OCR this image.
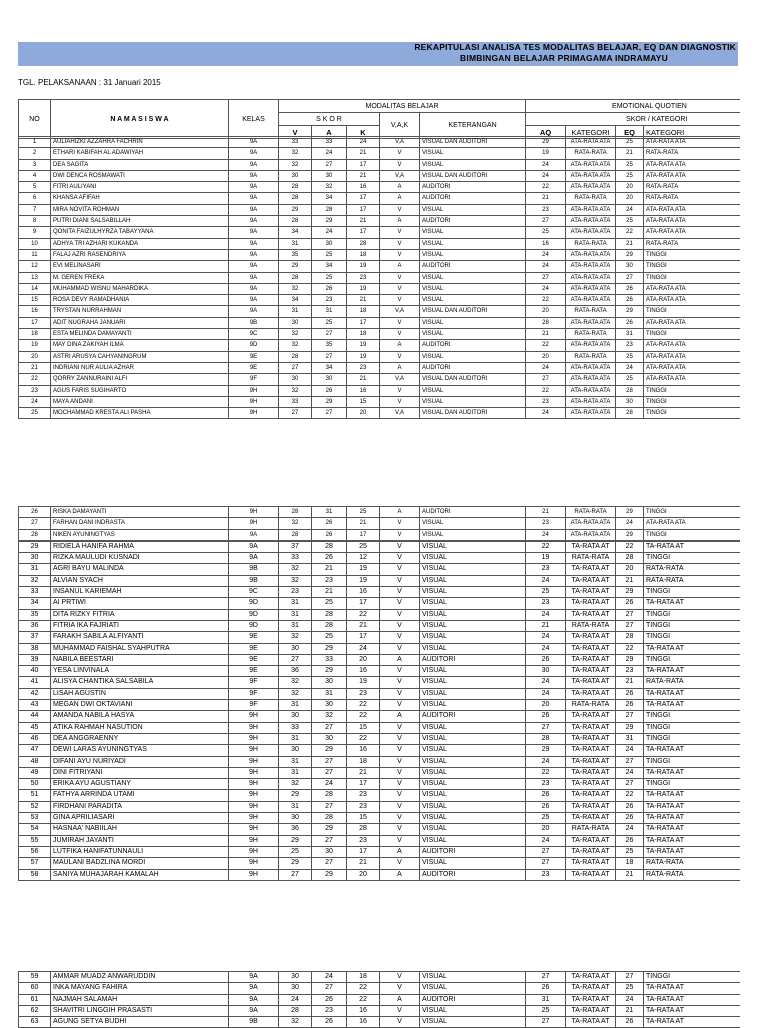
REKAPITULASI ANALISA TES MODALITAS BELAJAR, EQ DAN DIAGNOSTIK
BIMBINGAN BELAJAR PRIMAGAMA INDRAMAYU
TGL. PELAKSANAAN : 31 Januari 2015
NO	N A M A S I S W A	KELAS	MODALITAS BELAJAR					EMOTIONAL QUOTIEN			
			S K O R			V,A,K	KETERANGAN	SKOR / KATEGORI			
			V	A	K			AQ	KATEGORI	EQ	KATEGORI
1	AULIAHIZKI AZZAHRA FACHRIN	9A	33	33	24	V,A	VISUAL DAN AUDITORI	29	ATA-RATA ATA	25	ATA-RATA ATA
2	ETHARI KABIFAH AL ADAWIYAH	9A	32	24	21	V	VISUAL	19	RATA-RATA	21	RATA-RATA
3	DEA SAGITA	9A	32	27	17	V	VISUAL	24	ATA-RATA ATA	25	ATA-RATA ATA
4	DWI DENCA ROSMAWATI	9A	30	30	21	V,A	VISUAL DAN AUDITORI	24	ATA-RATA ATA	25	ATA-RATA ATA
5	FITRI AULIYANI	9A	28	32	16	A	AUDITORI	22	ATA-RATA ATA	20	RATA-RATA
6	KHANSA AFIFAH	9A	28	34	17	A	AUDITORI	21	RATA-RATA	20	RATA-RATA
7	MIRA NOVITA ROHMAN	9A	29	28	17	V	VISUAL	23	ATA-RATA ATA	24	ATA-RATA ATA
8	PUTRI DIANI SALSABILLAH	9A	28	29	21	A	AUDITORI	27	ATA-RATA ATA	25	ATA-RATA ATA
9	QONITA FAIZULHYRZA TABAYYANA	9A	34	24	17	V	VISUAL	25	ATA-RATA ATA	22	ATA-RATA ATA
10	ADHYA TRI AZHARI KUKANDA	9A	31	30	28	V	VISUAL	16	RATA-RATA	21	RATA-RATA
11	FALAJ AZRI RASENDRIYA	9A	35	25	18	V	VISUAL	24	ATA-RATA ATA	29	TINGGI
12	EVI MELINASARI	9A	29	34	19	A	AUDITORI	24	ATA-RATA ATA	30	TINGGI
13	M. GEREN FREKA	9A	28	25	23	V	VISUAL	27	ATA-RATA ATA	27	TINGGI
14	MUHAMMAD WISNU MAHARDIKA	9A	32	26	19	V	VISUAL	24	ATA-RATA ATA	26	ATA-RATA ATA
15	ROSA DEVY RAMADHANIA	9A	34	23	21	V	VISUAL	22	ATA-RATA ATA	26	ATA-RATA ATA
16	TRYSTAN NURRAHMAN	9A	31	31	18	V,A	VISUAL DAN AUDITORI	20	RATA-RATA	29	TINGGI
17	ADIT NUGRAHA JANUARI	9B	30	25	17	V	VISUAL	28	ATA-RATA ATA	26	ATA-RATA ATA
18	ESTA MELINDA DAMAYANTI	9C	32	27	18	V	VISUAL	21	RATA-RATA	31	TINGGI
19	MAY DINA ZAKIYAH ILMA	9D	32	35	19	A	AUDITORI	22	ATA-RATA ATA	23	ATA-RATA ATA
20	ASTRI ARUSYA CAHYANINGRUM	9E	28	27	19	V	VISUAL	20	RATA-RATA	25	ATA-RATA ATA
21	INDRIANI NUR AULIA AZHAR	9E	27	34	23	A	AUDITORI	24	ATA-RATA ATA	24	ATA-RATA ATA
22	QORRY ZANNURAINI ALFI	9F	30	30	21	V,A	VISUAL DAN AUDITORI	27	ATA-RATA ATA	25	ATA-RATA ATA
23	AGUS FARIS SUGIHARTO	9H	32	26	16	V	VISUAL	22	ATA-RATA ATA	28	TINGGI
24	MAYA ANDANI	9H	33	29	15	V	VISUAL	23	ATA-RATA ATA	30	TINGGI
25	MOCHAMMAD KRESTA ALI PASHA	9H	27	27	20	V,A	VISUAL DAN AUDITORI	24	ATA-RATA ATA	28	TINGGI
26	RISKA DAMAYANTI	9H	28	31	25	A	AUDITORI	21	RATA-RATA	29	TINGGI
27	FARHAN DANI INDRASTA	9H	32	26	21	V	VISUAL	23	ATA-RATA ATA	24	ATA-RATA ATA
28	NIKEN AYUNINGTYAS	9A	28	26	17	V	VISUAL	24	ATA-RATA ATA	29	TINGGI
29	RIDIELA HANIFA RAHMA	9A	37	28	25	V	VISUAL	22	TA-RATA AT	22	TA-RATA AT
30	RIZKA MAULUDI KUSNADI	9A	33	26	12	V	VISUAL	19	RATA-RATA	28	TINGGI
31	AGRI BAYU MALINDA	9B	32	21	19	V	VISUAL	23	TA-RATA AT	20	RATA-RATA
32	ALVIAN SYACH	9B	32	23	19	V	VISUAL	24	TA-RATA AT	21	RATA-RATA
33	INSANUL KARIEMAH	9C	23	21	16	V	VISUAL	25	TA-RATA AT	29	TINGGI
34	AI PRTIWI	9D	31	25	17	V	VISUAL	23	TA-RATA AT	26	TA-RATA AT
35	DITA RIZKY FITRIA	9D	31	28	22	V	VISUAL	24	TA-RATA AT	27	TINGGI
36	FITRIA IKA FAJRIATI	9D	31	28	21	V	VISUAL	21	RATA-RATA	27	TINGGI
37	FARAKH SABILA ALFIYANTI	9E	32	25	17	V	VISUAL	24	TA-RATA AT	28	TINGGI
38	MUHAMMAD FAISHAL SYAHPUTRA	9E	30	29	24	V	VISUAL	24	TA-RATA AT	22	TA-RATA AT
39	NABILA BEESTARI	9E	27	33	20	A	AUDITORI	26	TA-RATA AT	29	TINGGI
40	YESA LINVINALA	9E	36	29	16	V	VISUAL	30	TA-RATA AT	23	TA-RATA AT
41	ALISYA CHANTIKA SALSABILA	9F	32	30	19	V	VISUAL	24	TA-RATA AT	21	RATA-RATA
42	LISAH AGUSTIN	9F	32	31	23	V	VISUAL	24	TA-RATA AT	26	TA-RATA AT
43	MEGAN DWI OKTAVIANI	9F	31	30	22	V	VISUAL	20	RATA-RATA	26	TA-RATA AT
44	AMANDA NABILA HASYA	9H	30	32	22	A	AUDITORI	26	TA-RATA AT	27	TINGGI
45	ATIKA RAHMAH NASUTION	9H	33	27	15	V	VISUAL	27	TA-RATA AT	29	TINGGI
46	DEA ANGGRAENNY	9H	31	30	22	V	VISUAL	28	TA-RATA AT	31	TINGGI
47	DEWI LARAS AYUNINGTYAS	9H	30	29	16	V	VISUAL	29	TA-RATA AT	24	TA-RATA AT
48	DIFANI AYU NURIYADI	9H	31	27	18	V	VISUAL	24	TA-RATA AT	27	TINGGI
49	DINI FITRIYANI	9H	31	27	21	V	VISUAL	22	TA-RATA AT	24	TA-RATA AT
50	ERIKA AYU AGUSTIANY	9H	32	24	17	V	VISUAL	23	TA-RATA AT	27	TINGGI
51	FATHYA ARRINDA UTAMI	9H	29	28	23	V	VISUAL	26	TA-RATA AT	22	TA-RATA AT
52	FIRDHANI PARADITA	9H	31	27	23	V	VISUAL	26	TA-RATA AT	26	TA-RATA AT
53	GINA APRILIASARI	9H	30	28	15	V	VISUAL	25	TA-RATA AT	26	TA-RATA AT
54	HASNAA' NABIILAH	9H	36	29	28	V	VISUAL	20	RATA-RATA	24	TA-RATA AT
55	JUMIRAH JAYANTI	9H	29	27	23	V	VISUAL	24	TA-RATA AT	26	TA-RATA AT
56	LUTFIKA HANIFATUNNAULI	9H	25	30	17	A	AUDITORI	27	TA-RATA AT	25	TA-RATA AT
57	MAULANI BADZLINA MORDI	9H	29	27	21	V	VISUAL	27	TA-RATA AT	18	RATA-RATA
58	SANIYA MUHAJARAH KAMALAH	9H	27	29	20	A	AUDITORI	23	TA-RATA AT	21	RATA-RATA
59	AMMAR MUADZ ANWARUDDIN	9A	30	24	18	V	VISUAL	27	TA-RATA AT	27	TINGGI
60	INKA MAYANG FAHIRA	9A	30	27	22	V	VISUAL	26	TA-RATA AT	25	TA-RATA AT
61	NAJMAH SALAMAH	9A	24	26	22	A	AUDITORI	31	TA-RATA AT	24	TA-RATA AT
62	SHAVITRI LINGGIH PRASASTI	9A	28	23	16	V	VISUAL	25	TA-RATA AT	21	TA-RATA AT
63	AGUNG SETYA BUDHI	9B	32	26	16	V	VISUAL	27	TA-RATA AT	26	TA-RATA AT
